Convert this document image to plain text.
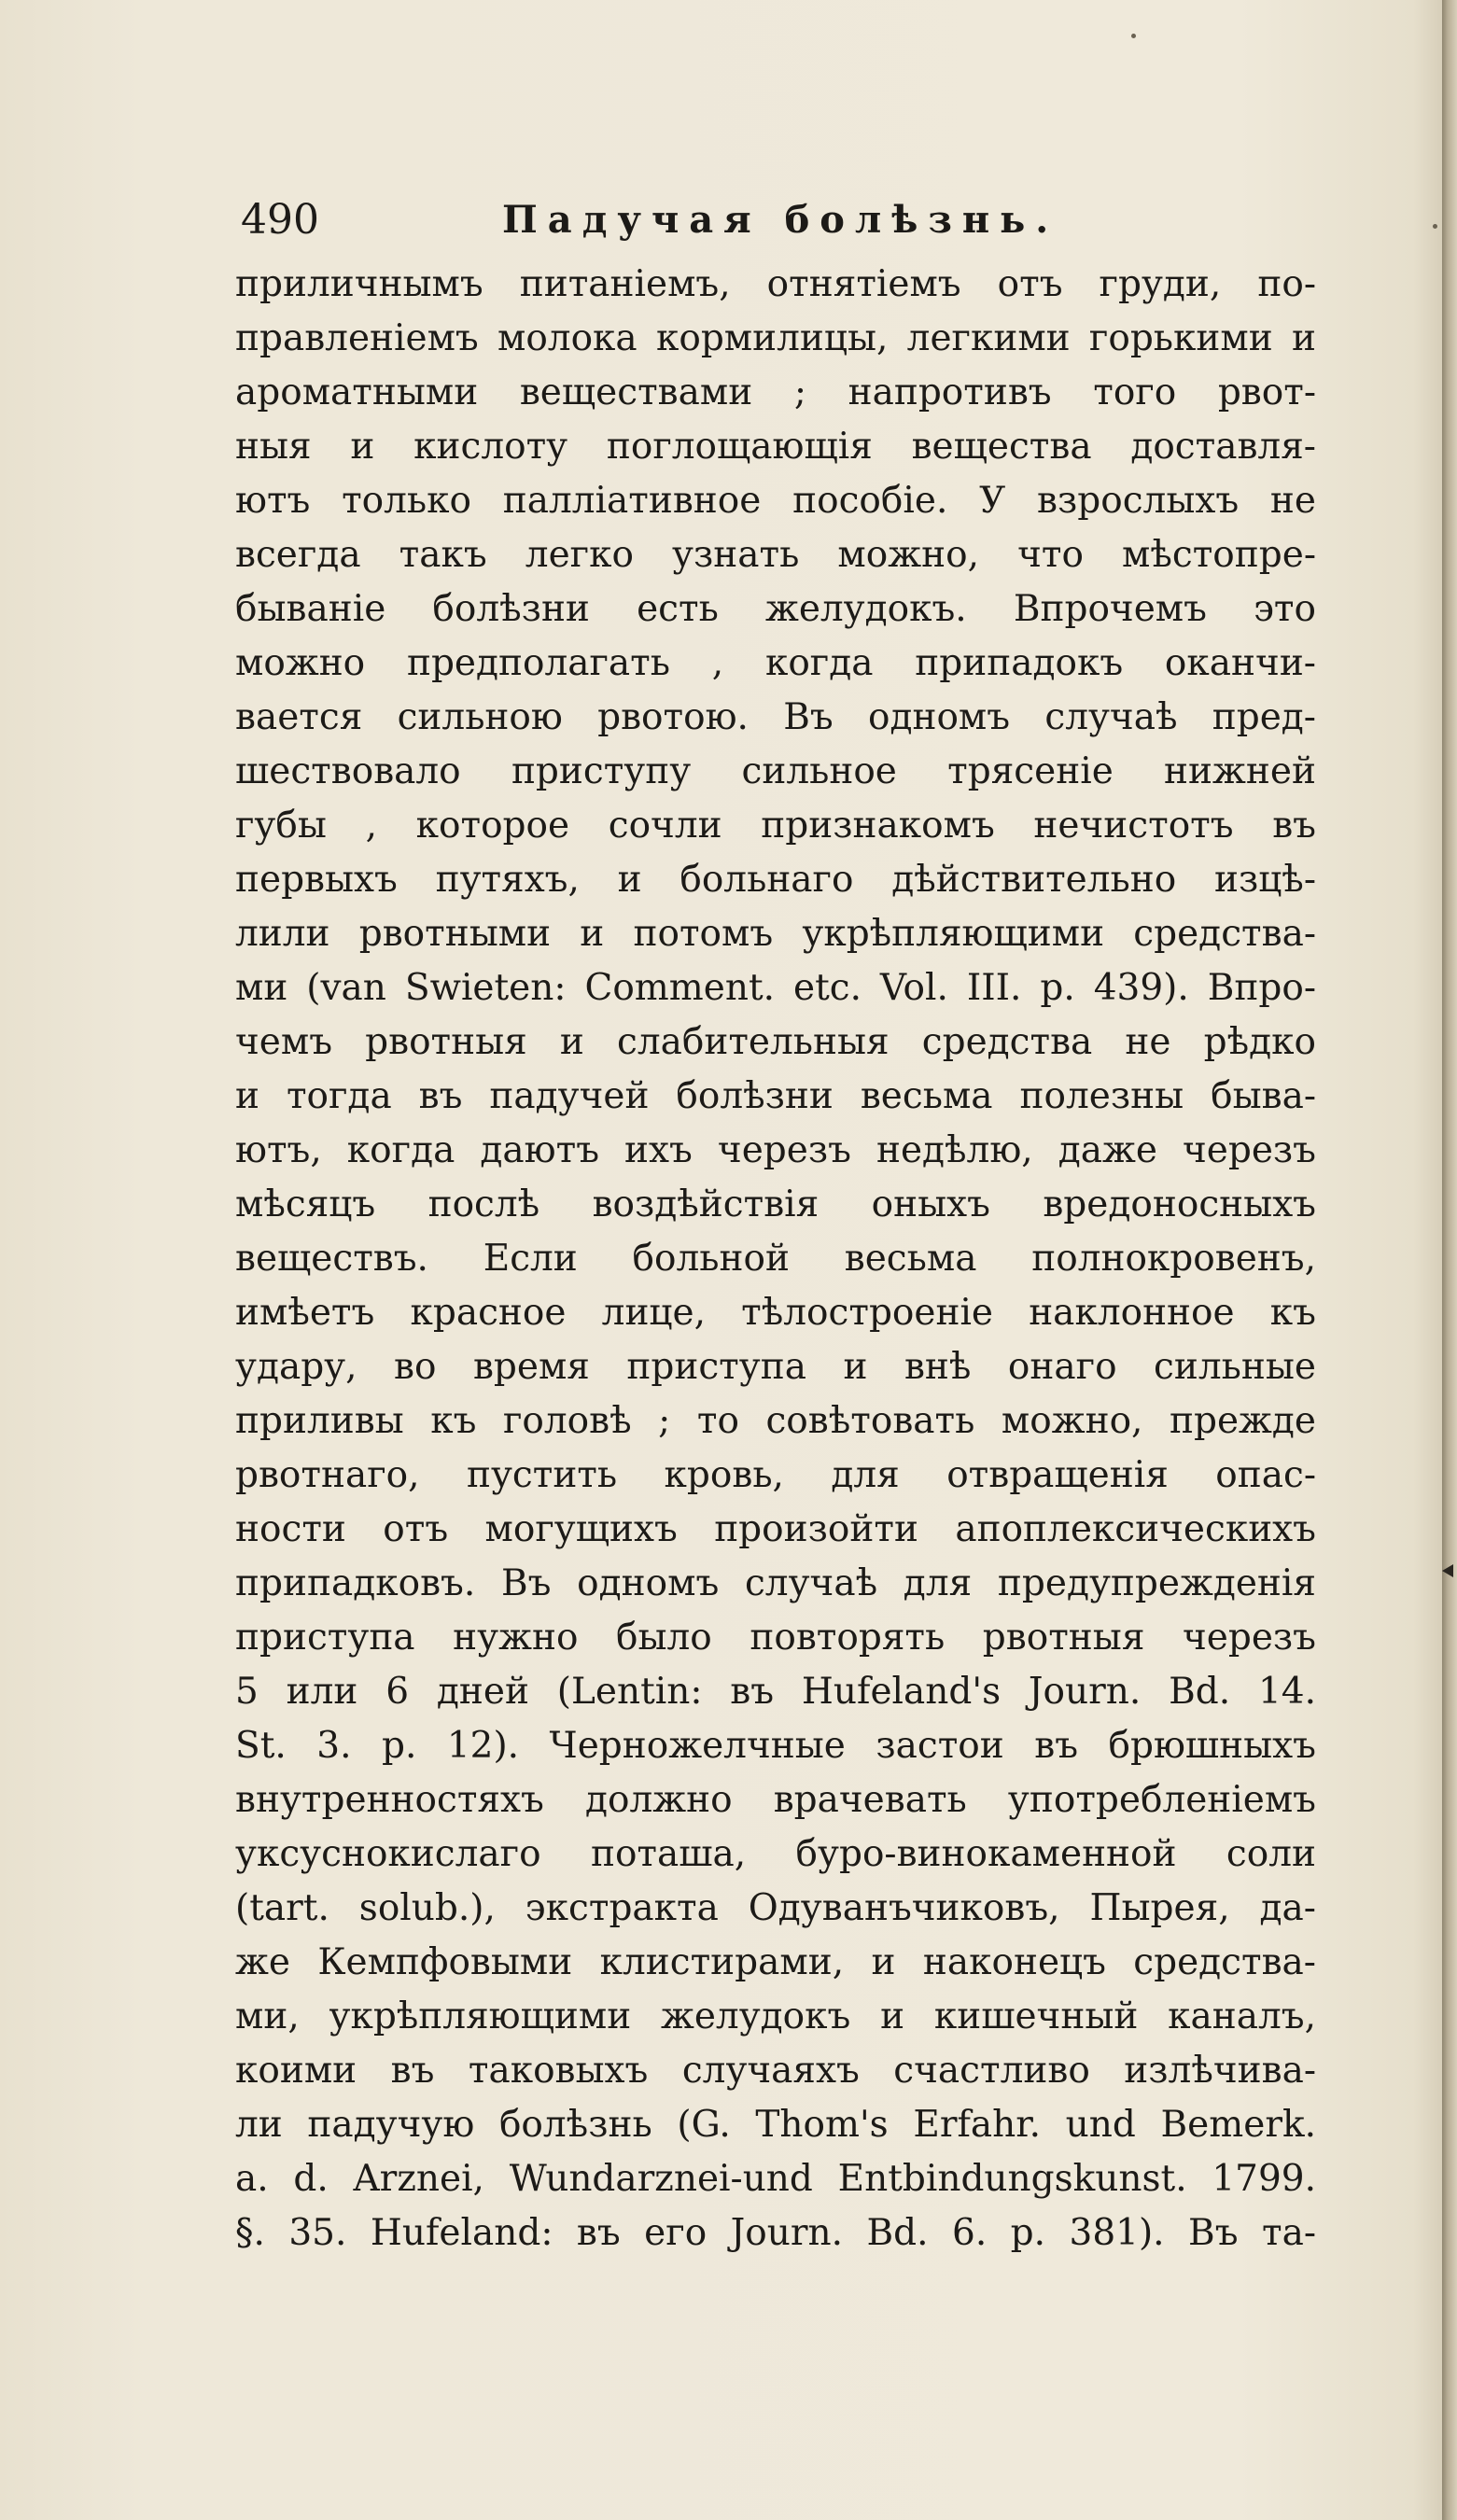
490	Падучая болѣзнь.
приличнымъ питаніемъ, отнятіемъ отъ груди, по-
правленіемъ молока кормилицы, легкими горькими и
ароматными веществами ; напротивъ того рвот-
ныя и кислоту поглощающія вещества доставля-
ютъ только палліативное пособіе. У взрослыхъ не
всегда такъ легко узнать можно, что мѣстопре-
бываніе болѣзни есть желудокъ. Впрочемъ это
можно предполагать , когда припадокъ оканчи-
вается сильною рвотою. Въ одномъ случаѣ пред-
шествовало приступу сильное трясеніе нижней
губы , которое сочли признакомъ нечистотъ въ
первыхъ путяхъ, и больнаго дѣйствительно изцѣ-
лили рвотными и потомъ укрѣпляющими средства-
ми (van Swieten: Comment. etc. Vol. III. p. 439). Впро-
чемъ рвотныя и слабительныя средства не рѣдко
и тогда въ падучей болѣзни весьма полезны быва-
ютъ, когда даютъ ихъ черезъ недѣлю, даже черезъ
мѣсяцъ послѣ воздѣйствія оныхъ вредоносныхъ
веществъ. Если больной весьма полнокровенъ,
имѣетъ красное лице, тѣлостроеніе наклонное къ
удару, во время приступа и внѣ онаго сильные
приливы къ головѣ ; то совѣтовать можно, прежде
рвотнаго, пустить кровь, для отвращенія опас-
ности отъ могущихъ произойти апоплексическихъ
припадковъ. Въ одномъ случаѣ для предупрежденія
приступа нужно было повторять рвотныя черезъ
5 или 6 дней (Lentin: въ Hufeland's Journ. Bd. 14.
St. 3. p. 12). Черножелчные застои въ брюшныхъ
внутренностяхъ должно врачевать употребленіемъ
уксуснокислаго поташа, буро-винокаменной соли
(tart. solub.), экстракта Одуванъчиковъ, Пырея, да-
же Кемпфовыми клистирами, и наконецъ средства-
ми, укрѣпляющими желудокъ и кишечный каналъ,
коими въ таковыхъ случаяхъ счастливо излѣчива-
ли падучую болѣзнь (G. Thom's Erfahr. und Bemerk.
a. d. Arznei, Wundarznei-und Entbindungskunst. 1799.
§. 35. Hufeland: въ его Journ. Bd. 6. p. 381). Въ та-
